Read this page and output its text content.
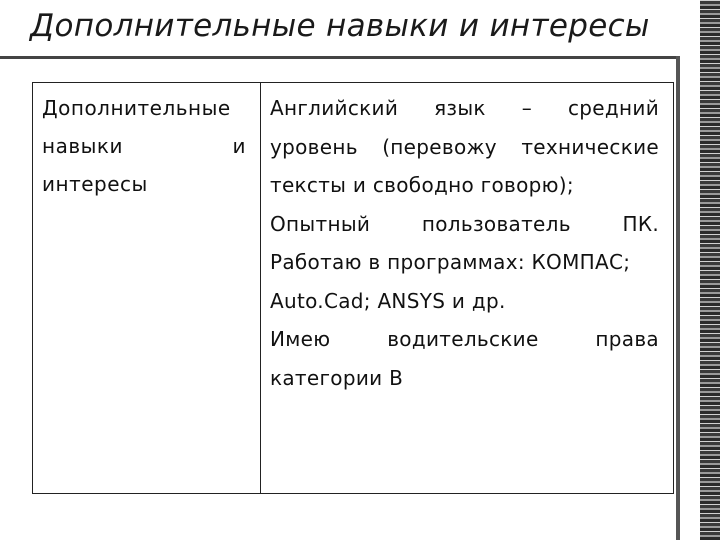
Дополнительные навыки и интересы
Дополнительные
навыки	и
интересы

Английский язык – средний
уровень (перевожу технические
тексты и свободно говорю);
Опытный	пользователь	ПК.
Работаю в программах: КОМПАС;
Auto.Cad; ANSYS и др.
Имею	водительские	права
категории В
